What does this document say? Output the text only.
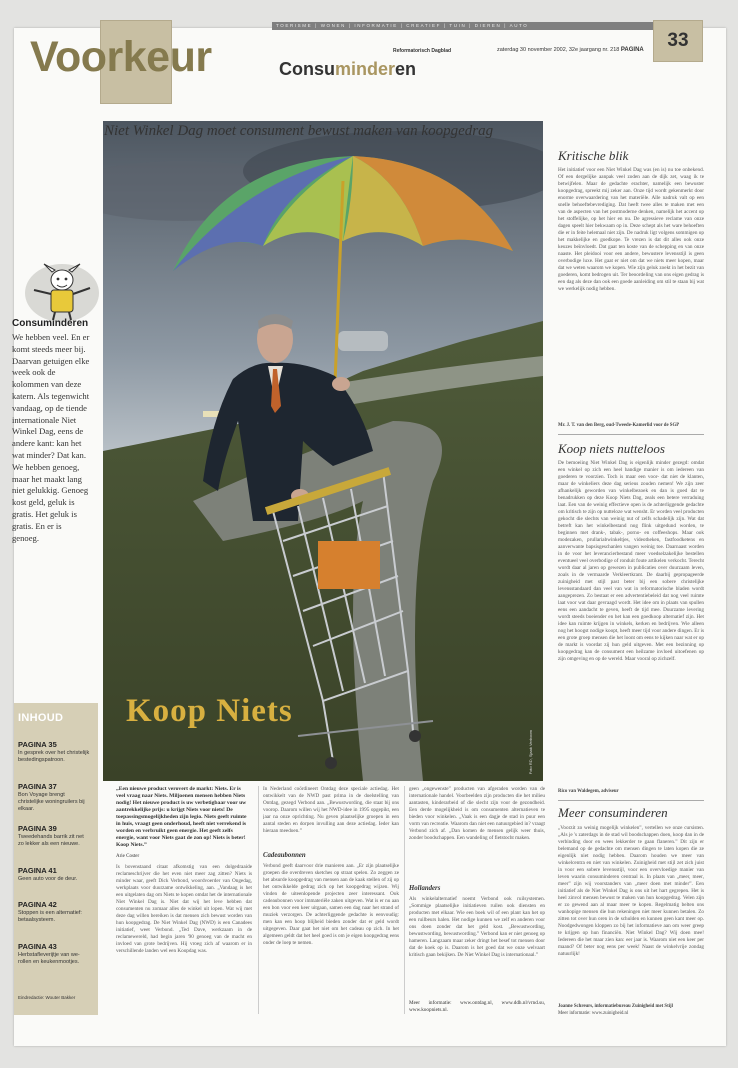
TOERISME | WONEN | INFORMATIE | CREATIEF | TUIN | DIEREN | AUTO
Voorkeur	Consuminderen
Reformatorisch Dagblad	zaterdag 30 november 2002, 32e jaargang nr. 218 PAGINA	33
Niet Winkel Dag moet consument bewust maken van koopgedrag
Koop Niets
Foto RD, Sjaak Verboom
Consuminderen
We hebben veel. En er komt steeds meer bij. Daarvan getuigen elke week ook de kolommen van deze katern. Als tegenwicht vandaag, op de tiende internationale Niet Winkel Dag, eens de andere kant: kan het wat minder? Dat kan. We hebben genoeg, maar het maakt lang niet gelukkig. Genoeg kost geld, geluk is gratis. Het geluk is gratis. En er is genoeg.
INHOUD
PAGINA 35
In gesprek over het christelijk bestedingspatroon.
PAGINA 37
Bon Voyage brengt christelijke woningruilers bij elkaar.
PAGINA 39
Tweedehands barrik zit net zo lekker als een nieuwe.
PAGINA 41
Geen auto voor de deur.
PAGINA 42
Stoppen is een alternatief: betaalsysteem.
PAGINA 43
Herbstafleverijtje van we-rollen en keukenmootjes.
Eindredactie: Wouter Bakker
Kritische blik
Het initiatief voor een Niet Winkel Dag was (en is) nu toe onbekend. Of een dergelijke aanpak veel zoden aan de dijk zet, waag ik te betwijfelen. Maar de gedachte erachter, namelijk een bewuster koopgedrag, spreekt mij zeker aan. Onze tijd wordt gekenmerkt door enorme overwaardering van het materiële. Alle nadruk valt op een snelle behoeftebevrediging. Dat heeft twee alles te maken met een van de aspecten van het postmoderne denken, namelijk het accent op het stoffelijke, op het hier en nu. De agressieve reclame van onze dagen speelt hier bekwaam op in. Deze schept als het ware behoeften die er in feite helemaal niet zijn. De nadruk ligt volgens sommigen op het makkelijke en goedkope. Te vrezen is dat dit alles ook onze keuzes beïnvloedt. Dat gaat ten koste van de schepping en van onze naaste. Het pleidooi voor een andere, bewustere levensstijl is geen overbodige luxe. Het gaat er niet om dat we niets meer kopen, maar dat we weten waarom we kopen. Wie zijn geluk zoekt in het bezit van goederen, komt bedrogen uit. Ter beoordeling van ons eigen gedrag is een dag als deze dan ook een goede aanleiding om stil te staan bij wat we werkelijk nodig hebben.
Mr. J. T. van den Berg, oud-Tweede-Kamerlid voor de SGP
Koop niets nutteloos
De bemoeiing Niet Winkel Dag is eigenlijk minder gezegd: omdat een winkel op zich een heel handige manier is om iedereen van goederen te voorzien. Toch is maar een voor- dat niet de klanten, maar de winkeliers deze dag serieus zouden nemen! We zijn zeer afhankelijk geworden van winkelbezoek en dan is goed dat te benadrukken op deze Koop Niets Dag, zeals een betere verraduing laat. Een van de weinig effectieve open is de achterliggende gedachte om kritisch te zijn op nutteloze wat wensht. Er worden veel producten gekocht die slechts van weinig nut of zelfs schadelijk zijn. Wat dat betreft kan het winkelbestand nog flink uitgedund worden, te beginnen met drank-, tabak-, porno- en coffeeshops. Maar ook modezaken, prullariabwinkeltjes, videotheken, fastfoodketens en aanverwante bapsisgeschanlen vangen weinig toe. Daarnaast worden in de voor het leverancierbestand meer voedselzakelijke bestellen eventueel veel overbodige of ronduit foute artikelen verkocht. Terecht wordt daar al jaren op gewezen in publicaties over duurzaam leven, zoals in de vermaarde Verkleertkrant. De daarbij gepropageerde zuinigheid met stijl past beter bij een sobere christelijke levensstandaard dan veel van wat in reformatorische bladen wordt aangeprezen. Zo bestaat er een advertentiebeleid dat nog veel ruimte laat voor wat daar gevraagd wordt. Het idee om in plaats van spullen eens een aandacht te geven, heeft de tijd mee. Duurzame levering wordt steeds boeiender en het kan een goedkoop alternatief zijn. Het idee kan ruimte krijgen in winkels, kerken en bedrijven. Wie alleen nog het hoogst nodige koopt, heeft meer tijd voor andere dingen. Er is een grote groep mensen die het loont om eens te kijken naar wat er op de markt is voordat zij hun geld uitgeven. Met een bezinning op koopgedrag kan de consument een heilzame invloed uitoefenen op zijn omgeving en op de wereld. Maar vooral op zichzelf.
Rico van Waldegem, adviseur
Meer consuminderen
„Voorzit zo weinig mogelijk winkelen”, vertellen we onze cursisten. „Als je 's zaterdags in de stad wil boodschappen doen, koop dan in de verbinding door en wees lekkerder te gaan flaneren.” Dit zijn er belemand op de gedachte om mensen dingen te laten kopen die ze eigenlijk niet nodig hebben. Daarom houden we meer van winkelcentra en niet van winkelen. Zuinigheid met stijl zet zich juist in voor een sobere levensstijl, voor een overvloedige manier van leven waarin consuminderen centraal is. In plaats van „meer, meer, meer” zijn wij voorstanders van „meer doen met minder”. Een initiatief als de Niet Winkel Dag is ons uit het hart gegrepen. Het is heel zinvol mensen bewust te maken van hun koopgedrag. Velen zijn er zo gewend aan al maar meer te kopen. Regelmatig belten ons wanhopige mensen die hun rekeningen niet meer kunnen betalen. Zo zitten tot over hun oren in de schulden en kunnen geen kant meer op. Noodgedwongen kloppen zo bij het informatieve aan om weer greep te krijgen op hun financiën. Niet Winkel Dag? Wij doen mee! Iedereen die het maar zien kan: eer jaar is. Waarom niet een keer per maand? Of beter nog eens per week! Naast de winkelvrije zondag natuurlijk!
Joanne Schreurs, informatiebureau Zuinigheid met Stijl
Meer informatie: www.zuinigheid.nl
„Een nieuwe product verovert de markt: Niets. Er is veel vraag naar Niets. Miljoenen mensen hebben Niets nodig! Het nieuwe product is uw verbetigbaar voor uw aantrekkelijke prijs: u krijgt Niets voor niets! De toepassingsmogelijkheden zijn legio. Niets geeft ruimte in huis, vraagt geen onderhoud, heeft niet verrekend is worden en verbruikt geen energie. Het geeft zelfs energie, want voor Niets gaat de zon op! Niets is beter! Koop Niets.”
Arie Coster
Is bovenstaand citaat afkomstig van een dolgedraaide reclameschrijver die het even niet meer zag zitten? Niets is minder waar, geeft Dick Verbond, woordvoerder van Ongedag, werkplaats voor duurzame ontwikkeling, aan. „Vandaag is het een uitgelaten dag om Niets te kopen omdat het de internationale Niet Winkel Dag is. Niet dat wij het leve hebben dat consumenten nu zomaar alles de winkel uit lopen. Wat wij met deze dag willen bereiken is dat mensen zich bewust worden van hun koopgedrag. De Niet Winkel Dag (NWD) is een Canadees initiatief, weet Verbond. „Ted Dave, werkzaam in de reclamewereld, had begin jaren '90 genoeg van de macht en invloed van grote bedrijven. Hij vroeg zich af waarom er in verschillende landen wel een Koopdag was.
In Nederland coördineert Ontdag deze speciale actiedag. Het ontwikkelt van de NWD past prima in de doelstelling van Ontdag, gezegd Verbond aan. „Bewustwording, die staat bij ons voorop. Daarom willen wij het NWD-idee in 1995 opgepikt, een jaar na onze oprichting. Nu geven plaatselijke groepen in een aantal steden en dorpen invulling aan deze actiedag. Ieder kan hieraan meedoen.”
Cadeaubonnen
Verbond geeft daarvoor drie manieren aan. „Er zijn plaatselijke groepen die overdreven sketches op straat spelen. Zo zeggen ze het absurde koopgedrag van mensen aan de kaak stellen of zij op het ontwikkelde gedrag zich op het koopgedrag wijzen. Wij vinden de uiteenlopende projecten zeer interessant. Ook cadeaubonnen voor immateriële zaken uitgeven. Wat is er nu aan een bon voor een keer uitgaan, samen een dag naar het strand of muziek verzorgen. De achterliggende gedachte is eenvoudig: men kan een hoop blijheid bieden zonder dat er geld wordt uitgegeven. Daar gaat het niet om het cadeau op zich. In het algemeen geldt dat het heel goed is om je eigen koopgedrag eens onder de loep te nemen.
geen „ongewenste” producten van afgeraden worden van de internationale handel. Voorbeelden zijn producten die het milieu aantasten, kinderarbeid of die slecht zijn voor de gezondheid. Een derde mogelijkheid is om consumenten alternatieven te bieden voor winkelen. „Vaak is een dagje de stad in puur een vorm van recreatie. Waarom dan niet een natuurgebied in? vraagt Verbond zich af. „Dan komen de mensen gelijk weer thuis, zonder boodschappen. Een wandeling of fietstocht maken.
Hollanders
Als winkelalternatief noemt Verbond ook ruilsystemen. „Sommige plaatselijke initiatieven ruilen ook diensten en producten met elkaar. Wie een boek wil of een plant kan het op een ruilbeurs halen. Het nodige kunnen we zelf en anderen voor ons doen zonder dat het geld kost. „Bewustwording, bewustwording, bewustwording.” Verbond kan er niet genoeg op hameren. Langzaam maar zeker dringt het besef tot mensen door dat de koek op is. Daarom is het goed dat we onze welvaart kritisch gaan bekijken. De Niet Winkel Dag is internationaal.”
Meer informatie: www.ontdag.nl, www.ddh.nl/vrnd.su, www.koopniets.nl.
